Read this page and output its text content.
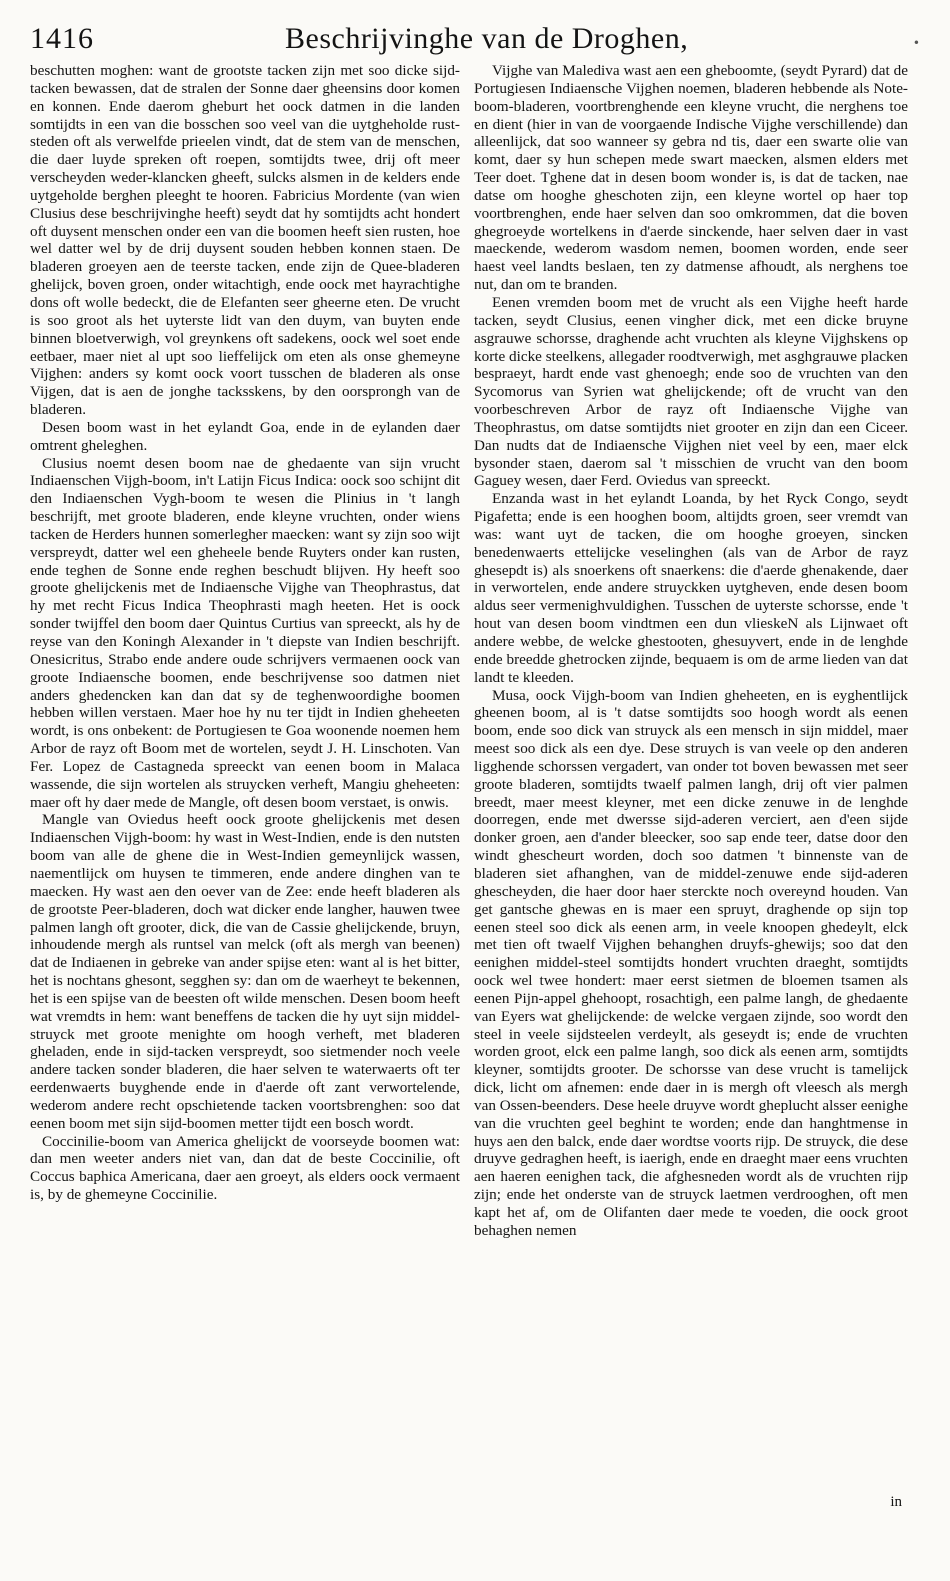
1416	Beschrijvinghe van de Droghen,	•

beschutten moghen: want de grootste tacken zijn met soo dicke sijd-tacken bewassen, dat de stralen der Sonne daer gheensins door komen en konnen. Ende daerom gheburt het oock datmen in die landen somtijdts in een van die bosschen soo veel van die uytgheholde rust-steden oft als verwelfde prieelen vindt, dat de stem van de menschen, die daer luyde spreken oft roepen, somtijdts twee, drij oft meer verscheyden weder-klancken gheeft, sulcks alsmen in de kelders ende uytgeholde berghen pleeght te hooren. Fabricius Mordente (van wien Clusius dese beschrijvinghe heeft) seydt dat hy somtijdts acht hondert oft duysent menschen onder een van die boomen heeft sien rusten, hoe wel datter wel by de drij duysent souden hebben konnen staen. De bladeren groeyen aen de teerste tacken, ende zijn de Quee-bladeren ghelijck, boven groen, onder witachtigh, ende oock met hayrachtighe dons oft wolle bedeckt, die de Elefanten seer gheerne eten. De vrucht is soo groot als het uyterste lidt van den duym, van buyten ende binnen bloetverwigh, vol greynkens oft sadekens, oock wel soet ende eetbaer, maer niet al upt soo lieffelijck om eten als onse ghemeyne Vijghen: anders sy komt oock voort tusschen de bladeren als onse Vijgen, dat is aen de jonghe tacksskens, by den oorsprongh van de bladeren.

Desen boom wast in het eylandt Goa, ende in de eylanden daer omtrent gheleghen.

Clusius noemt desen boom nae de ghedaente van sijn vrucht Indiaenschen Vijgh-boom, in't Latijn Ficus Indica: oock soo schijnt dit den Indiaenschen Vygh-boom te wesen die Plinius in 't langh beschrijft, met groote bladeren, ende kleyne vruchten, onder wiens tacken de Herders hunnen somerlegher maecken: want sy zijn soo wijt verspreydt, datter wel een gheheele bende Ruyters onder kan rusten, ende teghen de Sonne ende reghen beschudt blijven. Hy heeft soo groote ghelijckenis met de Indiaensche Vijghe van Theophrastus, dat hy met recht Ficus Indica Theophrasti magh heeten. Het is oock sonder twijffel den boom daer Quintus Curtius van spreeckt, als hy de reyse van den Koningh Alexander in 't diepste van Indien beschrijft. Onesicritus, Strabo ende andere oude schrijvers vermaenen oock van groote Indiaensche boomen, ende beschrijvense soo datmen niet anders ghedencken kan dan dat sy de teghenwoordighe boomen hebben willen verstaen. Maer hoe hy nu ter tijdt in Indien gheheeten wordt, is ons onbekent: de Portugiesen te Goa woonende noemen hem Arbor de rayz oft Boom met de wortelen, seydt J. H. Linschoten. Van Fer. Lopez de Castagneda spreeckt van eenen boom in Malaca wassende, die sijn wortelen als struycken verheft, Mangiu gheheeten: maer oft hy daer mede de Mangle, oft desen boom verstaet, is onwis.

Mangle van Oviedus heeft oock groote ghelijckenis met desen Indiaenschen Vijgh-boom: hy wast in West-Indien, ende is den nutsten boom van alle de ghene die in West-Indien gemeynlijck wassen, naementlijck om huysen te timmeren, ende andere dinghen van te maecken. Hy wast aen den oever van de Zee: ende heeft bladeren als de grootste Peer-bladeren, doch wat dicker ende langher, hauwen twee palmen langh oft grooter, dick, die van de Cassie ghelijckende, bruyn, inhoudende mergh als runtsel van melck (oft als mergh van beenen) dat de Indiaenen in gebreke van ander spijse eten: want al is het bitter, het is nochtans ghesont, segghen sy: dan om de waerheyt te bekennen, het is een spijse van de beesten oft wilde menschen. Desen boom heeft wat vremdts in hem: want beneffens de tacken die hy uyt sijn middel-struyck met groote menighte om hoogh verheft, met bladeren gheladen, ende in sijd-tacken verspreydt, soo sietmender noch veele andere tacken sonder bladeren, die haer selven te waterwaerts oft ter eerdenwaerts buyghende ende in d'aerde oft zant verwortelende, wederom andere recht opschietende tacken voortsbrenghen: soo dat eenen boom met sijn sijd-boomen metter tijdt een bosch wordt.

Coccinilie-boom van America ghelijckt de voorseyde boomen wat: dan men weeter anders niet van, dan dat de beste Coccinilie, oft Coccus baphica Americana, daer aen groeyt, als elders oock vermaent is, by de ghemeyne Coccinilie.

Vijghe van Malediva wast aen een gheboomte, (seydt Pyrard) dat de Portugiesen Indiaensche Vijghen noemen, bladeren hebbende als Note-boom-bladeren, voortbrenghende een kleyne vrucht, die nerghens toe en dient (hier in van de voorgaende Indische Vijghe verschillende) dan alleenlijck, dat soo wanneer sy gebra nd tis, daer een swarte olie van komt, daer sy hun schepen mede swart maecken, alsmen elders met Teer doet. Tghene dat in desen boom wonder is, is dat de tacken, nae datse om hooghe gheschoten zijn, een kleyne wortel op haer top voortbrenghen, ende haer selven dan soo omkrommen, dat die boven ghegroeyde wortelkens in d'aerde sinckende, haer selven daer in vast maeckende, wederom wasdom nemen, boomen worden, ende seer haest veel landts beslaen, ten zy datmense afhoudt, als nerghens toe nut, dan om te branden.

Eenen vremden boom met de vrucht als een Vijghe heeft harde tacken, seydt Clusius, eenen vingher dick, met een dicke bruyne asgrauwe schorsse, draghende acht vruchten als kleyne Vijghskens op korte dicke steelkens, allegader roodtverwigh, met asghgrauwe placken bespraeyt, hardt ende vast ghenoegh; ende soo de vruchten van den Sycomorus van Syrien wat ghelijckende; oft de vrucht van den voorbeschreven Arbor de rayz oft Indiaensche Vijghe van Theophrastus, om datse somtijdts niet grooter en zijn dan een Ciceer. Dan nudts dat de Indiaensche Vijghen niet veel by een, maer elck bysonder staen, daerom sal 't misschien de vrucht van den boom Gaguey wesen, daer Ferd. Oviedus van spreeckt.

Enzanda wast in het eylandt Loanda, by het Ryck Congo, seydt Pigafetta; ende is een hooghen boom, altijdts groen, seer vremdt van was: want uyt de tacken, die om hooghe groeyen, sincken benedenwaerts ettelijcke veselinghen (als van de Arbor de rayz ghesepdt is) als snoerkens oft snaerkens: die d'aerde ghenakende, daer in verwortelen, ende andere struyckken uytgheven, ende desen boom aldus seer vermenighvuldighen. Tusschen de uyterste schorsse, ende 't hout van desen boom vindtmen een dun vlieskeN als Lijnwaet oft andere webbe, de welcke ghestooten, ghesuyvert, ende in de lenghde ende breedde ghetrocken zijnde, bequaem is om de arme lieden van dat landt te kleeden.

Musa, oock Vijgh-boom van Indien gheheeten, en is eyghentlijck gheenen boom, al is 't datse somtijdts soo hoogh wordt als eenen boom, ende soo dick van struyck als een mensch in sijn middel, maer meest soo dick als een dye. Dese struych is van veele op den anderen ligghende schorssen vergadert, van onder tot boven bewassen met seer groote bladeren, somtijdts twaelf palmen langh, drij oft vier palmen breedt, maer meest kleyner, met een dicke zenuwe in de lenghde doorregen, ende met dwersse sijd-aderen verciert, aen d'een sijde donker groen, aen d'ander bleecker, soo sap ende teer, datse door den windt ghescheurt worden, doch soo datmen 't binnenste van de bladeren siet afhanghen, van de middel-zenuwe ende sijd-aderen ghescheyden, die haer door haer sterckte noch overeynd houden. Van get gantsche ghewas en is maer een spruyt, draghende op sijn top eenen steel soo dick als eenen arm, in veele knoopen ghedeylt, elck met tien oft twaelf Vijghen behanghen druyfs-ghewijs; soo dat den eenighen middel-steel somtijdts hondert vruchten draeght, somtijdts oock wel twee hondert: maer eerst sietmen de bloemen tsamen als eenen Pijn-appel ghehoopt, rosachtigh, een palme langh, de ghedaente van Eyers wat ghelijckende: de welcke vergaen zijnde, soo wordt den steel in veele sijdsteelen verdeylt, als geseydt is; ende de vruchten worden groot, elck een palme langh, soo dick als eenen arm, somtijdts kleyner, somtijdts grooter. De schorsse van dese vrucht is tamelijck dick, licht om afnemen: ende daer in is mergh oft vleesch als mergh van Ossen-beenders. Dese heele druyve wordt gheplucht alsser eenighe van die vruchten geel beghint te worden; ende dan hanghtmense in huys aen den balck, ende daer wordtse voorts rijp. De struyck, die dese druyve gedraghen heeft, is iaerigh, ende en draeght maer eens vruchten aen haeren eenighen tack, die afghesneden wordt als de vruchten rijp zijn; ende het onderste van de struyck laetmen verdrooghen, oft men kapt het af, om de Olifanten daer mede te voeden, die oock groot behaghen nemen

in
